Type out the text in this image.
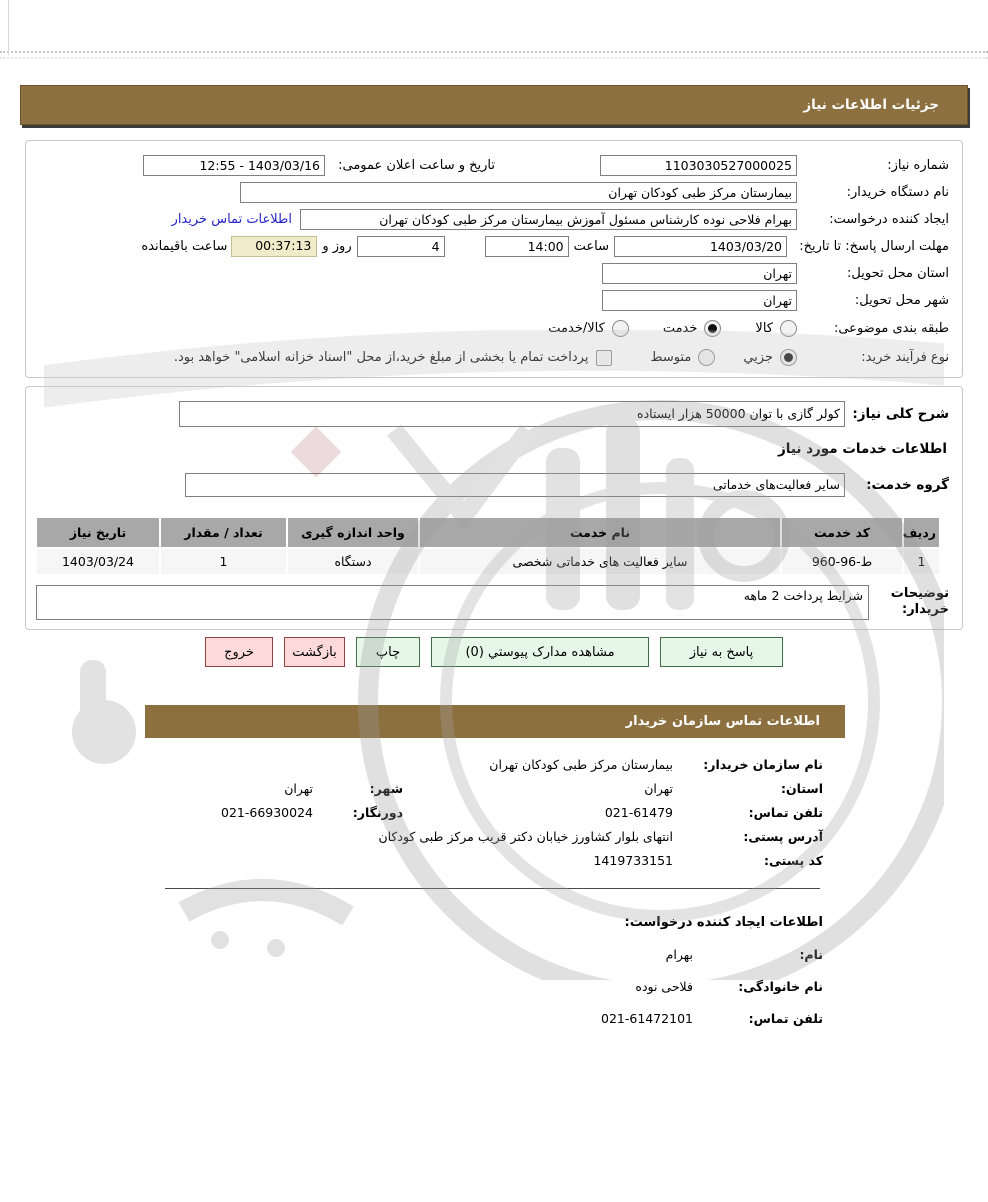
جزئیات اطلاعات نیاز
شماره نیاز:
1103030527000025
تاریخ و ساعت اعلان عمومی:
12:55 - 1403/03/16
نام دستگاه خریدار:
بیمارستان مرکز طبی کودکان تهران
ایجاد کننده درخواست:
بهرام فلاحی نوده کارشناس مسئول آموزش بیمارستان مرکز طبی کودکان تهران
اطلاعات تماس خریدار
مهلت ارسال پاسخ: تا تاریخ:
1403/03/20
ساعت
14:00
4
روز و
00:37:13
ساعت باقیمانده
استان محل تحویل:
تهران
شهر محل تحویل:
تهران
طبقه بندی موضوعی:
کالا
خدمت
کالا/خدمت
نوع فرآیند خرید:
جزيي
متوسط
پرداخت تمام یا بخشی از مبلغ خرید،از محل "اسناد خزانه اسلامی" خواهد بود.
شرح کلی نیاز:
کولر گازی با توان 50000 هزار ایستاده
اطلاعات خدمات مورد نیاز
گروه خدمت:
سایر فعالیت‌های خدماتی
ردیف	کد خدمت	نام خدمت	واحد اندازه گیری	تعداد / مقدار	تاریخ نیاز
1	ط-96-960	سایر فعالیت های خدماتی شخصی	دستگاه	1	1403/03/24
توضیحات خریدار:
شرایط پرداخت 2 ماهه
پاسخ به نیاز
مشاهده مدارک پیوستي (0)
چاپ
بازگشت
خروج
اطلاعات تماس سازمان خریدار
نام سازمان خریدار:
بیمارستان مرکز طبی کودکان تهران
استان:
تهران
شهر:
تهران
تلفن تماس:
021-61479
دورنگار:
021-66930024
آدرس پستی:
انتهای بلوار کشاورز خیابان دکتر قریب مرکز طبی کودکان
کد پستی:
1419733151
اطلاعات ایجاد کننده درخواست:
نام:
بهرام
نام خانوادگی:
فلاحی نوده
تلفن تماس:
021-61472101
